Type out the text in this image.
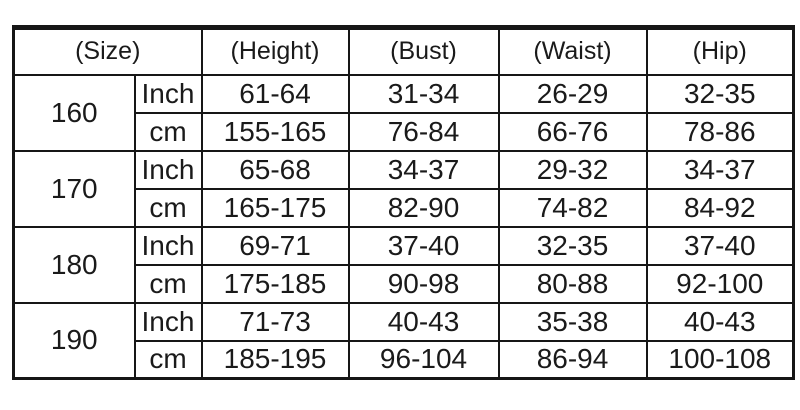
(Size)		(Height)	(Bust)	(Waist)	(Hip)
160	Inch	61-64	31-34	26-29	32-35
	cm	155-165	76-84	66-76	78-86
170	Inch	65-68	34-37	29-32	34-37
	cm	165-175	82-90	74-82	84-92
180	Inch	69-71	37-40	32-35	37-40
	cm	175-185	90-98	80-88	92-100
190	Inch	71-73	40-43	35-38	40-43
	cm	185-195	96-104	86-94	100-108
